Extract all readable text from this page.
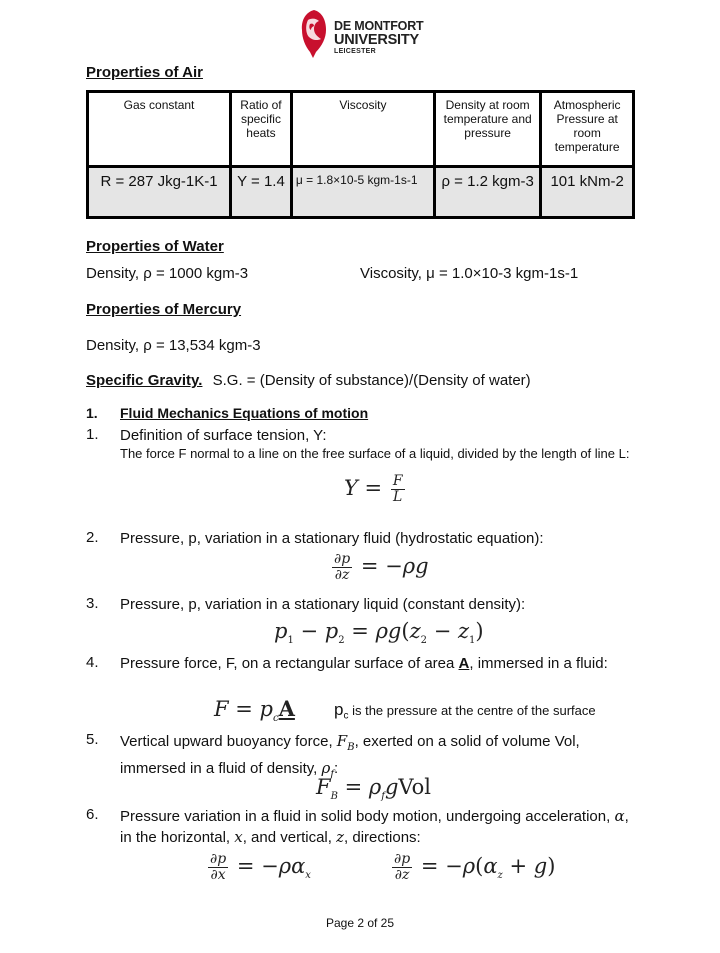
DE MONTFORT
UNIVERSITY
LEICESTER
Properties of Air
Gas constant	Ratio of specific heats	Viscosity	Density at room temperature and pressure	Atmospheric Pressure at room temperature
R = 287 Jkg-1K-1	Y = 1.4	μ = 1.8×10-5 kgm-1s-1	ρ = 1.2 kgm-3	101 kNm-2
Properties of Water
Density, ρ = 1000 kgm-3	Viscosity, μ = 1.0×10-3 kgm-1s-1
Properties of Mercury
Density, ρ = 13,534 kgm-3
Specific Gravity. S.G. = (Density of substance)/(Density of water)
1. Fluid Mechanics Equations of motion
1. Definition of surface tension, Y:
The force F normal to a line on the free surface of a liquid, divided by the length of line L:
$Y = \frac{F}{L}$
2. Pressure, p, variation in a stationary fluid (hydrostatic equation):
$\frac{\partial p}{\partial z} = -\rho g$
3. Pressure, p, variation in a stationary liquid (constant density):
$p_1 - p_2 = \rho g(z_2 - z_1)$
4. Pressure force, F, on a rectangular surface of area A, immersed in a fluid:
$F = p_cA$ $p_c$ is the pressure at the centre of the surface
5. Vertical upward buoyancy force, $F_B$, exerted on a solid of volume Vol, immersed in a fluid of density, $\rho_f$:
$F_B$ = $\rho_fgVol$
6. Pressure variation in a fluid in solid body motion, undergoing acceleration, α, in the horizontal, x, and vertical, z, directions:
$\frac{\partial p}{\partial x} = -\rho\alpha_x$	$\frac{\partial p}{\partial z} = -\rho(\alpha_z + g)$
Page 2 of 25
